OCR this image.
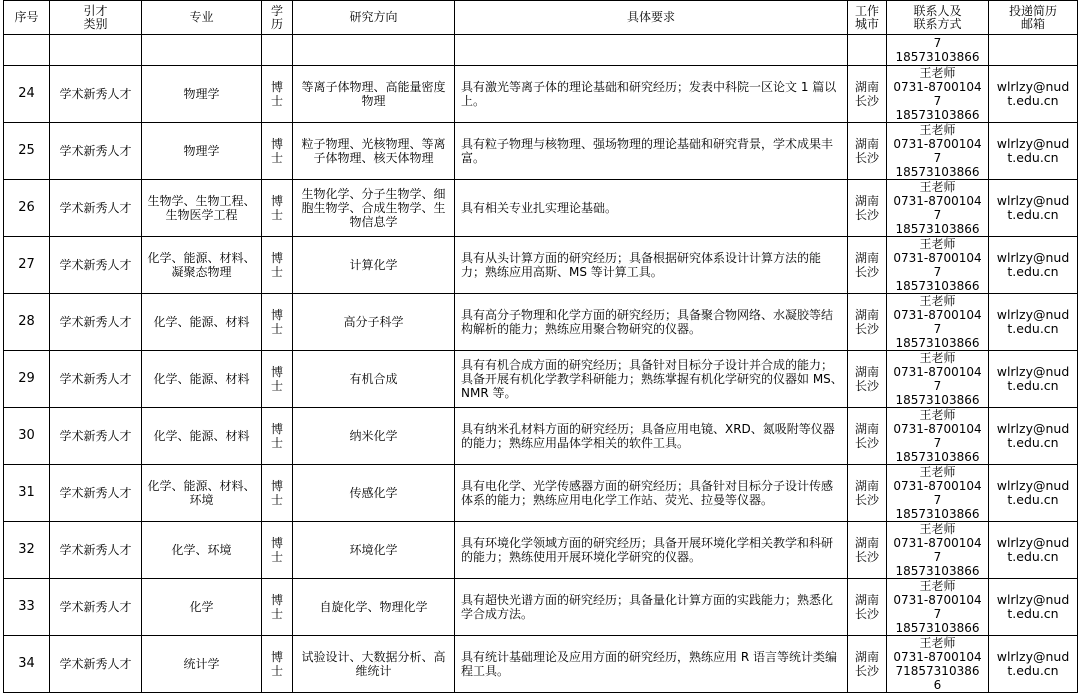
序号	引才
类别	专业	学
历	研究方向	具体要求	工作
城市	联系人及
联系方式	投递简历
邮箱
							7
18573103866	
24	学术新秀人才	物理学	博
士	等离子体物理、高能量密度物理	具有激光等离子体的理论基础和研究经历；发表中科院一区论文 1 篇以上。	湖南
长沙	王老师
0731-8700104
7
18573103866	wlrlzy@nud
t.edu.cn
25	学术新秀人才	物理学	博
士	粒子物理、光核物理、等离子体物理、核天体物理	具有粒子物理与核物理、强场物理的理论基础和研究背景，学术成果丰富。	湖南
长沙	王老师
0731-8700104
7
18573103866	wlrlzy@nud
t.edu.cn
26	学术新秀人才	生物学、生物工程、生物医学工程	博
士	生物化学、分子生物学、细胞生物学、合成生物学、生物信息学	具有相关专业扎实理论基础。	湖南
长沙	王老师
0731-8700104
7
18573103866	wlrlzy@nud
t.edu.cn
27	学术新秀人才	化学、能源、材料、凝聚态物理	博
士	计算化学	具有从头计算方面的研究经历；具备根据研究体系设计计算方法的能力；熟练应用高斯、MS 等计算工具。	湖南
长沙	王老师
0731-8700104
7
18573103866	wlrlzy@nud
t.edu.cn
28	学术新秀人才	化学、能源、材料	博
士	高分子科学	具有高分子物理和化学方面的研究经历；具备聚合物网络、水凝胶等结构解析的能力；熟练应用聚合物研究的仪器。	湖南
长沙	王老师
0731-8700104
7
18573103866	wlrlzy@nud
t.edu.cn
29	学术新秀人才	化学、能源、材料	博
士	有机合成	具有有机合成方面的研究经历；具备针对目标分子设计并合成的能力；具备开展有机化学教学科研能力；熟练掌握有机化学研究的仪器如 MS、NMR 等。	湖南
长沙	王老师
0731-8700104
7
18573103866	wlrlzy@nud
t.edu.cn
30	学术新秀人才	化学、能源、材料	博
士	纳米化学	具有纳米孔材料方面的研究经历；具备应用电镜、XRD、氮吸附等仪器的能力；熟练应用晶体学相关的软件工具。	湖南
长沙	王老师
0731-8700104
7
18573103866	wlrlzy@nud
t.edu.cn
31	学术新秀人才	化学、能源、材料、环境	博
士	传感化学	具有电化学、光学传感器方面的研究经历；具备针对目标分子设计传感体系的能力；熟练应用电化学工作站、荧光、拉曼等仪器。	湖南
长沙	王老师
0731-8700104
7
18573103866	wlrlzy@nud
t.edu.cn
32	学术新秀人才	化学、环境	博
士	环境化学	具有环境化学领域方面的研究经历；具备开展环境化学相关教学和科研的能力；熟练使用开展环境化学研究的仪器。	湖南
长沙	王老师
0731-8700104
7
18573103866	wlrlzy@nud
t.edu.cn
33	学术新秀人才	化学	博
士	自旋化学、物理化学	具有超快光谱方面的研究经历；具备量化计算方面的实践能力；熟悉化学合成方法。	湖南
长沙	王老师
0731-8700104
7
18573103866	wlrlzy@nud
t.edu.cn
34	学术新秀人才	统计学	博
士	试验设计、大数据分析、高维统计	具有统计基础理论及应用方面的研究经历，熟练应用 R 语言等统计类编程工具。	湖南
长沙	王老师
0731-8700104
71857310386
6	wlrlzy@nud
t.edu.cn
